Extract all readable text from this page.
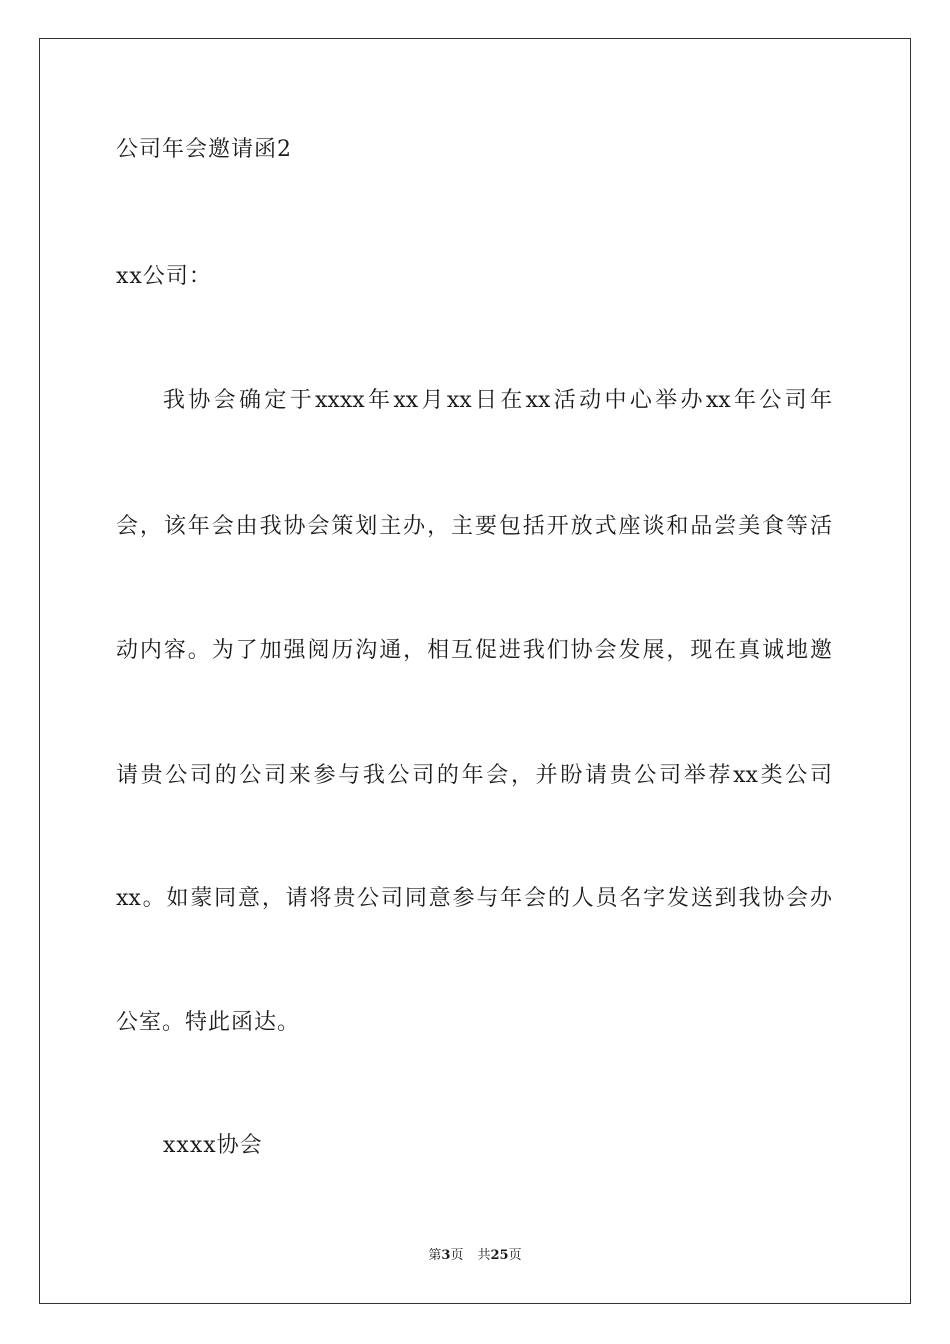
公司年会邀请函2
xx公司：
我协会确定于xxxx年xx月xx日在xx活动中心举办xx年公司年
会，该年会由我协会策划主办，主要包括开放式座谈和品尝美食等活
动内容。为了加强阅历沟通，相互促进我们协会发展，现在真诚地邀
请贵公司的公司来参与我公司的年会，并盼请贵公司举荐xx类公司
xx。如蒙同意，请将贵公司同意参与年会的人员名字发送到我协会办
公室。特此函达。
xxxx协会
第3页 共25页
